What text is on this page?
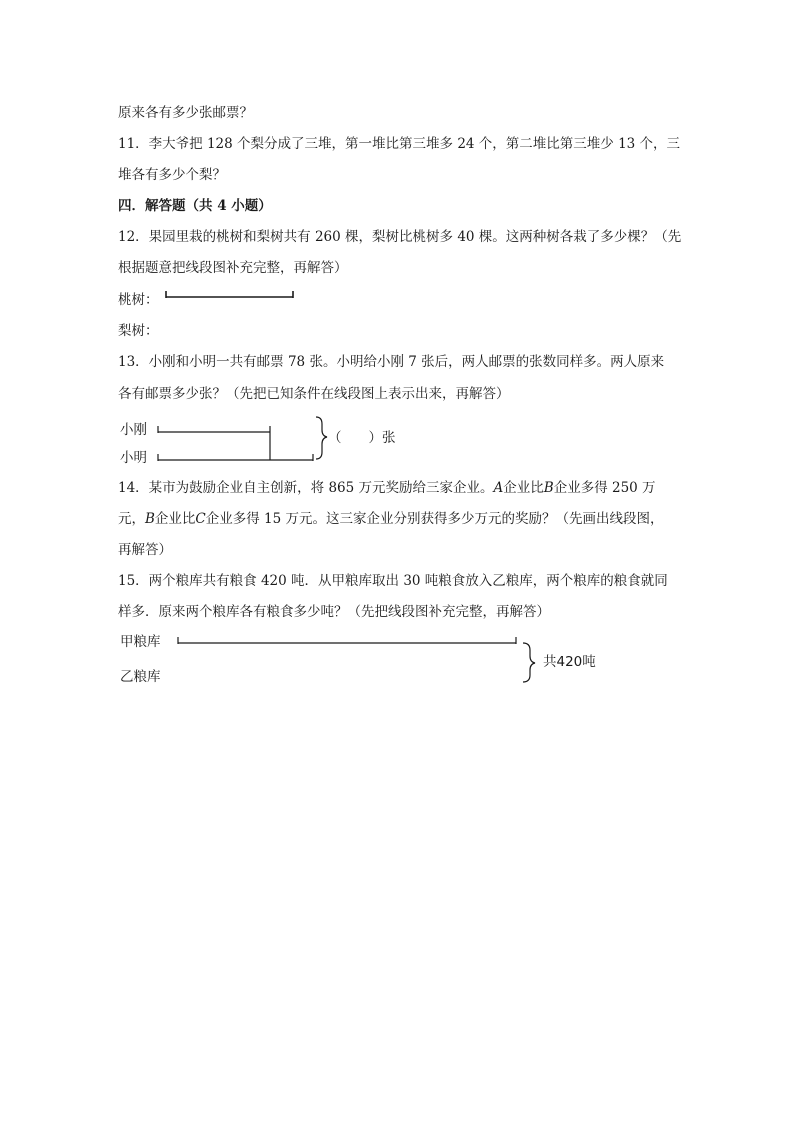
原来各有多少张邮票？
11．李大爷把 128 个梨分成了三堆，第一堆比第三堆多 24 个，第二堆比第三堆少 13 个，三
堆各有多少个梨？
四．解答题（共 4 小题）
12．果园里栽的桃树和梨树共有 260 棵，梨树比桃树多 40 棵。这两种树各栽了多少棵？（先
根据题意把线段图补充完整，再解答）
桃树：
梨树：
13．小刚和小明一共有邮票 78 张。小明给小刚 7 张后，两人邮票的张数同样多。两人原来
各有邮票多少张？（先把已知条件在线段图上表示出来，再解答）
小刚
小明
（　　）张
14．某市为鼓励企业自主创新，将 865 万元奖励给三家企业。A企业比B企业多得 250 万
元，B企业比C企业多得 15 万元。这三家企业分别获得多少万元的奖励？（先画出线段图，
再解答）
15．两个粮库共有粮食 420 吨．从甲粮库取出 30 吨粮食放入乙粮库，两个粮库的粮食就同
样多．原来两个粮库各有粮食多少吨？（先把线段图补充完整，再解答）
甲粮库
乙粮库
共420吨
